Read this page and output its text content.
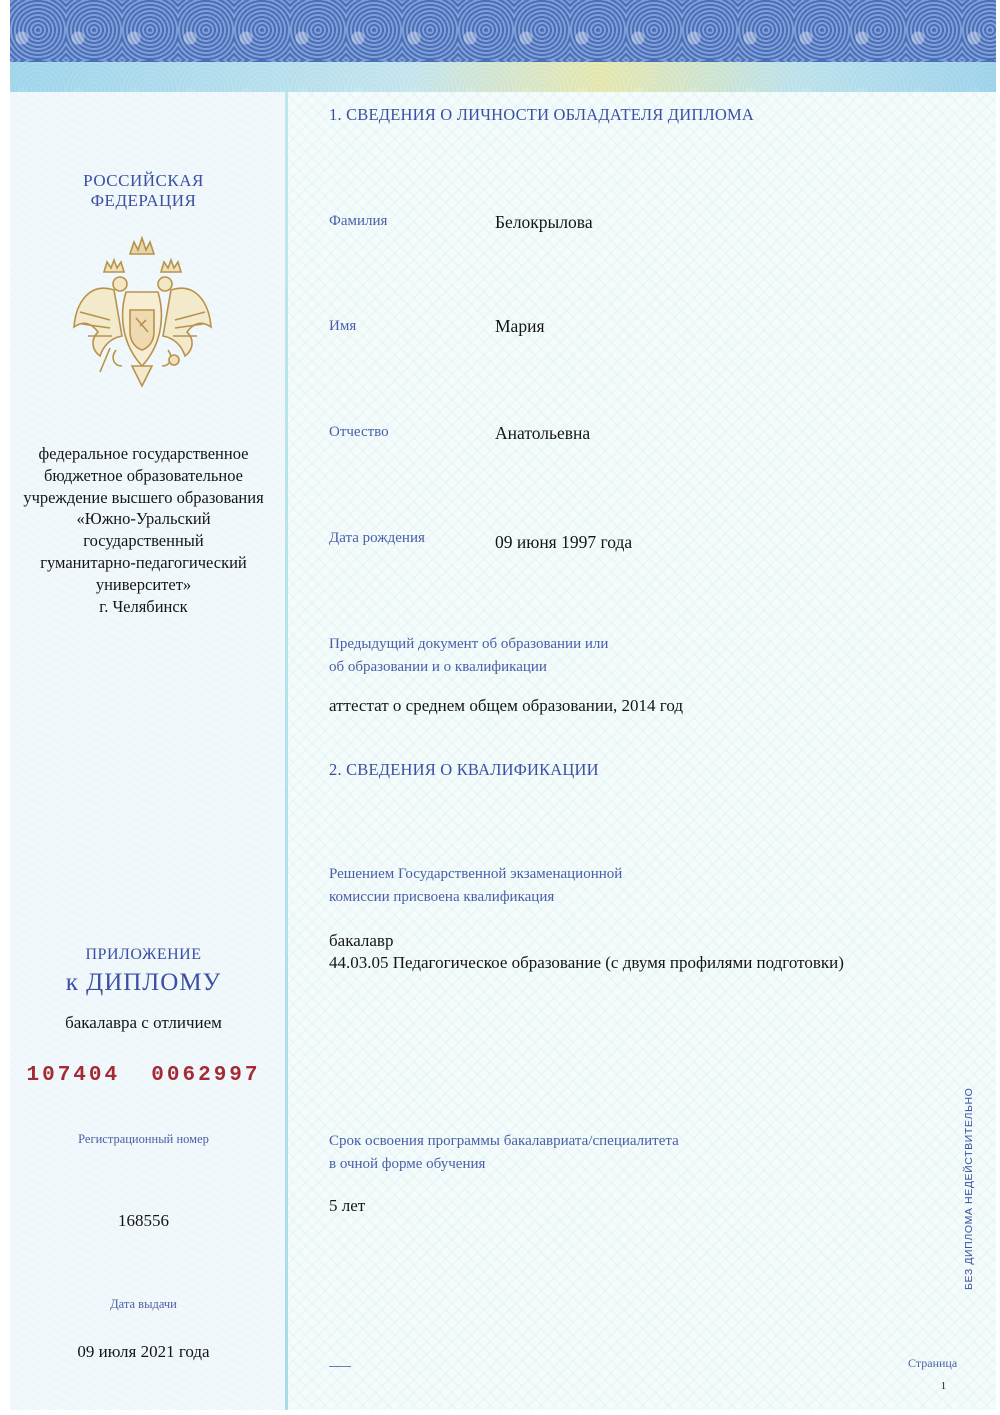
РОССИЙСКАЯ
ФЕДЕРАЦИЯ
федеральное государственное
бюджетное образовательное
учреждение высшего образования
«Южно-Уральский
государственный
гуманитарно-педагогический
университет»
г. Челябинск
ПРИЛОЖЕНИЕ
к ДИПЛОМУ
бакалавра с отличием
107404  0062997
Регистрационный номер
168556
Дата выдачи
09 июля 2021 года
1. СВЕДЕНИЯ О ЛИЧНОСТИ ОБЛАДАТЕЛЯ ДИПЛОМА
Фамилия	Белокрылова
Имя	Мария
Отчество	Анатольевна
Дата рождения	09 июня 1997 года
Предыдущий документ об образовании или
об образовании и о квалификации
аттестат о среднем общем образовании, 2014 год
2. СВЕДЕНИЯ О КВАЛИФИКАЦИИ
Решением Государственной экзаменационной
комиссии присвоена квалификация
бакалавр
44.03.05 Педагогическое образование (с двумя профилями подготовки)
Срок освоения программы бакалавриата/специалитета
в очной форме обучения
5 лет	БЕЗ ДИПЛОМА НЕДЕЙСТВИТЕЛЬНО
Страница
1
